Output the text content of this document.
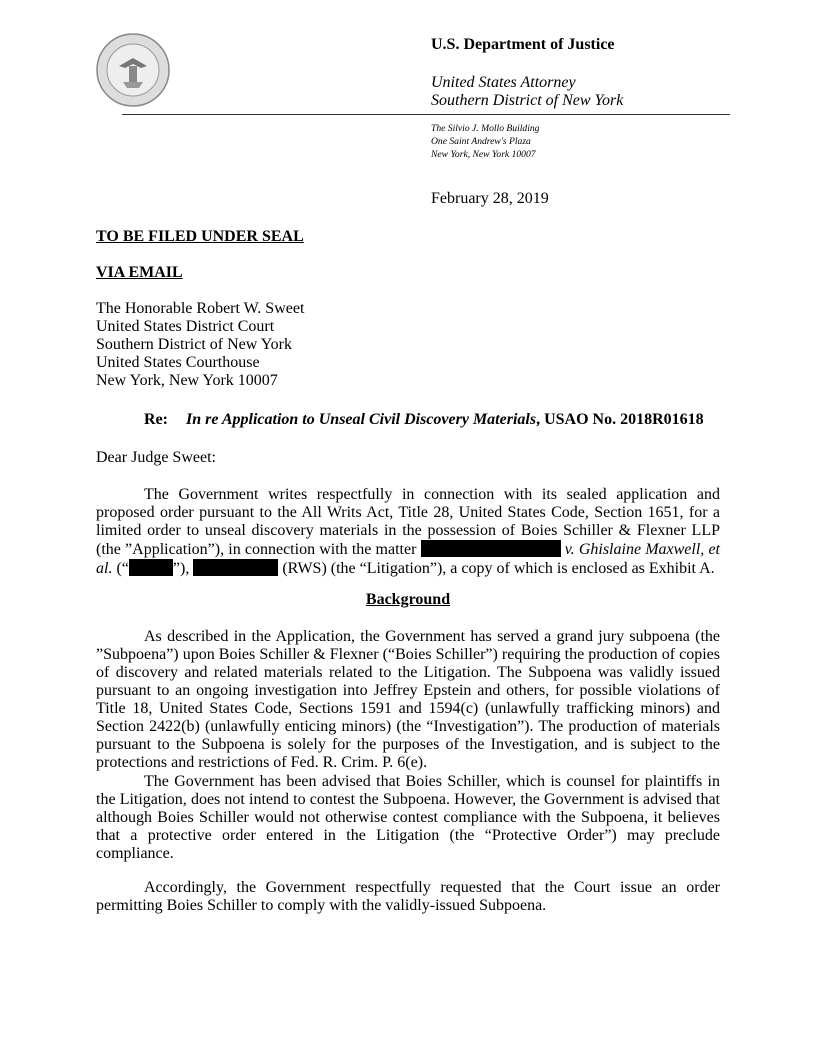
U.S. Department of Justice
United States Attorney
Southern District of New York
The Silvio J. Mollo Building
One Saint Andrew's Plaza
New York, New York 10007
February 28, 2019
TO BE FILED UNDER SEAL
VIA EMAIL
The Honorable Robert W. Sweet
United States District Court
Southern District of New York
United States Courthouse
New York, New York 10007
Re: In re Application to Unseal Civil Discovery Materials, USAO No. 2018R01618
Dear Judge Sweet:
The Government writes respectfully in connection with its sealed application and proposed order pursuant to the All Writs Act, Title 28, United States Code, Section 1651, for a limited order to unseal discovery materials in the possession of Boies Schiller & Flexner LLP (the ”Application”), in connection with the matter	v. Ghislaine Maxwell, et al. (“	”),	(RWS) (the “Litigation”), a copy of which is enclosed as Exhibit A.
Background
As described in the Application, the Government has served a grand jury subpoena (the ”Subpoena”) upon Boies Schiller & Flexner (“Boies Schiller”) requiring the production of copies of discovery and related materials related to the Litigation. The Subpoena was validly issued pursuant to an ongoing investigation into Jeffrey Epstein and others, for possible violations of Title 18, United States Code, Sections 1591 and 1594(c) (unlawfully trafficking minors) and Section 2422(b) (unlawfully enticing minors) (the “Investigation”). The production of materials pursuant to the Subpoena is solely for the purposes of the Investigation, and is subject to the protections and restrictions of Fed. R. Crim. P. 6(e).
The Government has been advised that Boies Schiller, which is counsel for plaintiffs in the Litigation, does not intend to contest the Subpoena. However, the Government is advised that although Boies Schiller would not otherwise contest compliance with the Subpoena, it believes that a protective order entered in the Litigation (the “Protective Order”) may preclude compliance.
Accordingly, the Government respectfully requested that the Court issue an order permitting Boies Schiller to comply with the validly-issued Subpoena.
